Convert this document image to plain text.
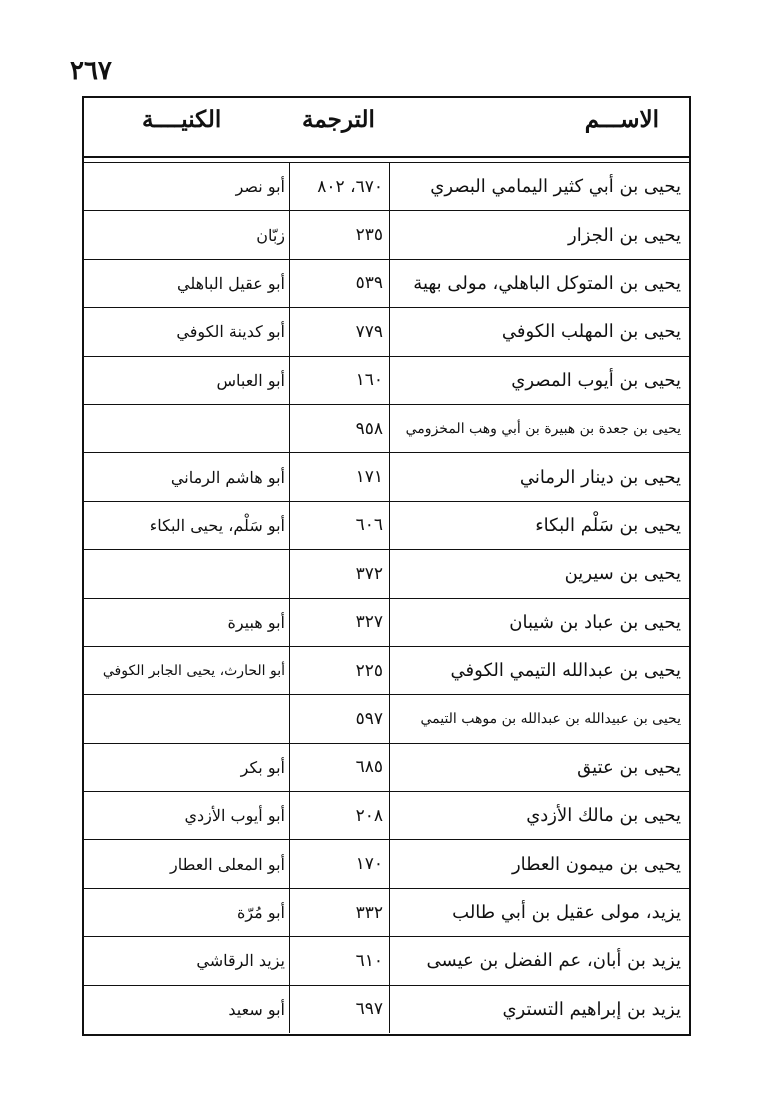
٢٦٧
الاســـم
الترجمة
الكنيــــة
يحيى بن أبي كثير اليمامي البصري
٦٧٠، ٨٠٢
أبو نصر
يحيى بن الجزار
٢٣٥
زبّان
يحيى بن المتوكل الباهلي، مولى بهية
٥٣٩
أبو عقيل الباهلي
يحيى بن المهلب الكوفي
٧٧٩
أبو كدينة الكوفي
يحيى بن أيوب المصري
١٦٠
أبو العباس
يحيى بن جعدة بن هبيرة بن أبي وهب المخزومي
٩٥٨
يحيى بن دينار الرماني
١٧١
أبو هاشم الرماني
يحيى بن سَلْم البكاء
٦٠٦
أبو سَلْم، يحيى البكاء
يحيى بن سيرين
٣٧٢
يحيى بن عباد بن شيبان
٣٢٧
أبو هبيرة
يحيى بن عبدالله التيمي الكوفي
٢٢٥
أبو الحارث، يحيى الجابر الكوفي
يحيى بن عبيدالله بن عبدالله بن موهب التيمي
٥٩٧
يحيى بن عتيق
٦٨٥
أبو بكر
يحيى بن مالك الأزدي
٢٠٨
أبو أيوب الأزدي
يحيى بن ميمون العطار
١٧٠
أبو المعلى العطار
يزيد، مولى عقيل بن أبي طالب
٣٣٢
أبو مُرّة
يزيد بن أبان، عم الفضل بن عيسى
٦١٠
يزيد الرقاشي
يزيد بن إبراهيم التستري
٦٩٧
أبو سعيد
